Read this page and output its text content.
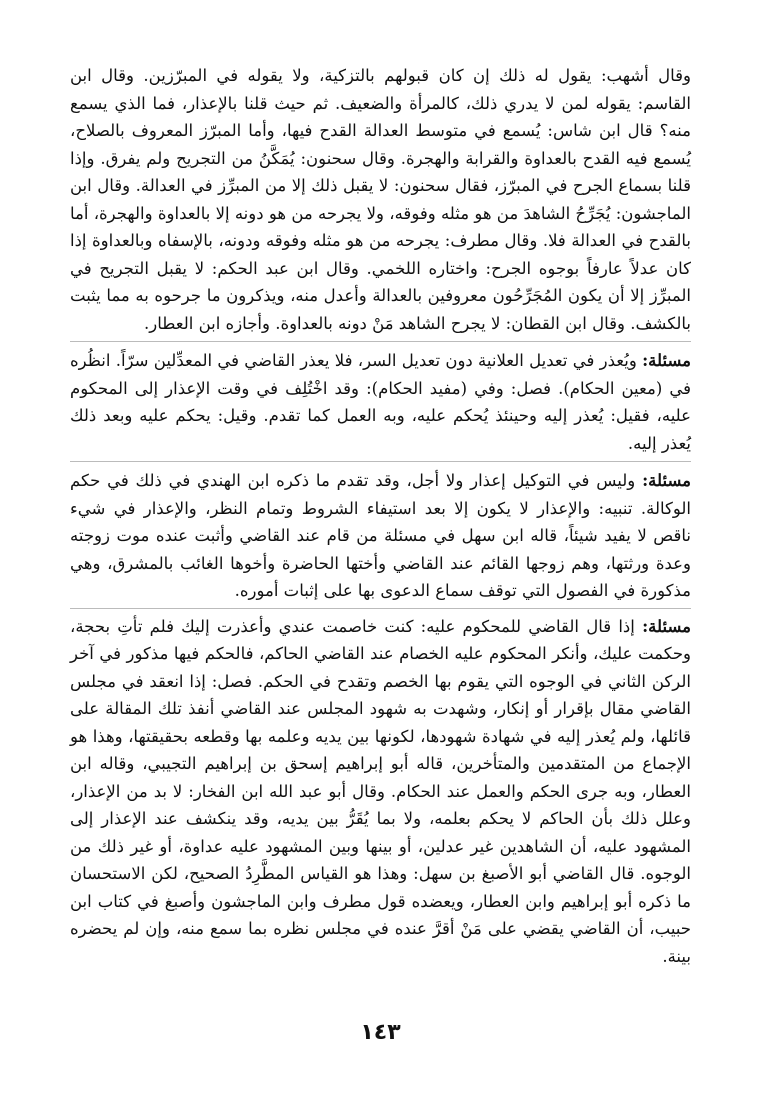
وقال أشهب: يقول له ذلك إن كان قبولهم بالتزكية، ولا يقوله في المبرّزين. وقال ابن القاسم: يقوله لمن لا يدري ذلك، كالمرأة والضعيف. ثم حيث قلنا بالإعذار، فما الذي يسمع منه؟ قال ابن شاس: يُسمع في متوسط العدالة القدح فيها، وأما المبرّز المعروف بالصلاح، يُسمع فيه القدح بالعداوة والقرابة والهجرة. وقال سحنون: يُمَكَّنُ من التجريح ولم يفرق. وإذا قلنا بسماع الجرح في المبرّز، فقال سحنون: لا يقبل ذلك إلا من المبرِّز في العدالة. وقال ابن الماجشون: يُجَرِّحُ الشاهدَ من هو مثله وفوقه، ولا يجرحه من هو دونه إلا بالعداوة والهجرة، أما بالقدح في العدالة فلا. وقال مطرف: يجرحه من هو مثله وفوقه ودونه، بالإسفاه وبالعداوة إذا كان عدلاً عارفاً بوجوه الجرح: واختاره اللخمي. وقال ابن عبد الحكم: لا يقبل التجريح في المبرِّز إلا أن يكون المُجَرِّحُون معروفين بالعدالة وأعدل منه، ويذكرون ما جرحوه به مما يثبت بالكشف. وقال ابن القطان: لا يجرح الشاهد مَنْ دونه بالعداوة. وأجازه ابن العطار.

مسئلة: ويُعذر في تعديل العلانية دون تعديل السر، فلا يعذر القاضي في المعدِّلين سرّاً. انظُره في (معين الحكام). فصل: وفي (مفيد الحكام): وقد اخْتُلِف في وقت الإعذار إلى المحكوم عليه، فقيل: يُعذر إليه وحينئذ يُحكم عليه، وبه العمل كما تقدم. وقيل: يحكم عليه وبعد ذلك يُعذر إليه.

مسئلة: وليس في التوكيل إعذار ولا أجل، وقد تقدم ما ذكره ابن الهندي في ذلك في حكم الوكالة. تنبيه: والإعذار لا يكون إلا بعد استيفاء الشروط وتمام النظر، والإعذار في شيء ناقص لا يفيد شيئاً، قاله ابن سهل في مسئلة من قام عند القاضي وأثبت عنده موت زوجته وعدة ورثتها، وهم زوجها القائم عند القاضي وأختها الحاضرة وأخوها الغائب بالمشرق، وهي مذكورة في الفصول التي توقف سماع الدعوى بها على إثبات أموره.

مسئلة: إذا قال القاضي للمحكوم عليه: كنت خاصمت عندي وأعذرت إليك فلم تأتِ بحجة، وحكمت عليك، وأنكر المحكوم عليه الخصام عند القاضي الحاكم، فالحكم فيها مذكور في آخر الركن الثاني في الوجوه التي يقوم بها الخصم وتقدح في الحكم. فصل: إذا انعقد في مجلس القاضي مقال بإقرار أو إنكار، وشهدت به شهود المجلس عند القاضي أنفذ تلك المقالة على قائلها، ولم يُعذر إليه في شهادة شهودها، لكونها بين يديه وعلمه بها وقطعه بحقيقتها، وهذا هو الإجماع من المتقدمين والمتأخرين، قاله أبو إبراهيم إسحق بن إبراهيم التجيبي، وقاله ابن العطار، وبه جرى الحكم والعمل عند الحكام. وقال أبو عبد الله ابن الفخار: لا بد من الإعذار، وعلل ذلك بأن الحاكم لا يحكم بعلمه، ولا بما يُقَرُّ بين يديه، وقد ينكشف عند الإعذار إلى المشهود عليه، أن الشاهدين غير عدلين، أو بينها وبين المشهود عليه عداوة، أو غير ذلك من الوجوه. قال القاضي أبو الأصبغ بن سهل: وهذا هو القياس المطَّرِدُ الصحيح، لكن الاستحسان ما ذكره أبو إبراهيم وابن العطار، ويعضده قول مطرف وابن الماجشون وأصبغ في كتاب ابن حبيب، أن القاضي يقضي على مَنْ أقرَّ عنده في مجلس نظره بما سمع منه، وإن لم يحضره بينة.

١٤٣
